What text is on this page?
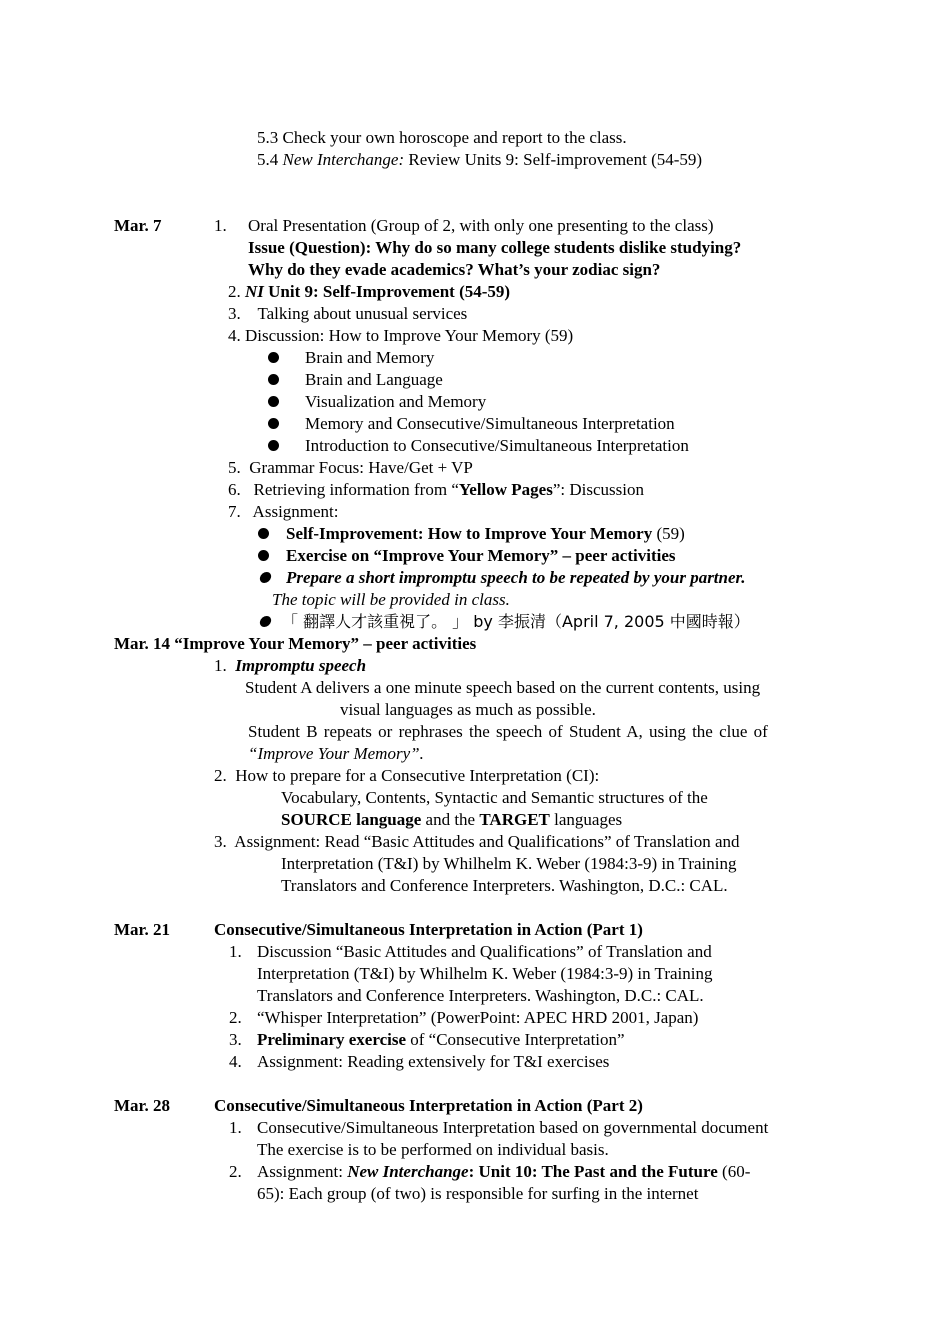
5.3 Check your own horoscope and report to the class.
5.4 New Interchange: Review Units 9: Self-improvement (54-59)
Mar. 7	1. Oral Presentation (Group of 2, with only one presenting to the class)
Issue (Question): Why do so many college students dislike studying?
Why do they evade academics? What’s your zodiac sign?
2. NI Unit 9: Self-Improvement (54-59)
3.    Talking about unusual services
4. Discussion: How to Improve Your Memory (59)
Brain and Memory
Brain and Language
Visualization and Memory
Memory and Consecutive/Simultaneous Interpretation
Introduction to Consecutive/Simultaneous Interpretation
5.  Grammar Focus: Have/Get + VP
6.   Retrieving information from “Yellow Pages”: Discussion
7.   Assignment:
Self-Improvement: How to Improve Your Memory (59)
Exercise on “Improve Your Memory” – peer activities
Prepare a short impromptu speech to be repeated by your partner.
The topic will be provided in class.
「 翻譯人才該重視了。 」 by 李振清（April 7, 2005 中國時報）
Mar. 14 “Improve Your Memory” – peer activities
1.  Impromptu speech
Student A delivers a one minute speech based on the current contents, using
visual languages as much as possible.
Student B repeats or rephrases the speech of Student A, using the clue of
“Improve Your Memory”.
2.  How to prepare for a Consecutive Interpretation (CI):
Vocabulary, Contents, Syntactic and Semantic structures of the
SOURCE language and the TARGET languages
3.  Assignment: Read “Basic Attitudes and Qualifications” of Translation and
Interpretation (T&I) by Whilhelm K. Weber (1984:3-9) in Training
Translators and Conference Interpreters. Washington, D.C.: CAL.
Mar. 21	Consecutive/Simultaneous Interpretation in Action (Part 1)
1. Discussion “Basic Attitudes and Qualifications” of Translation and
Interpretation (T&I) by Whilhelm K. Weber (1984:3-9) in Training
Translators and Conference Interpreters. Washington, D.C.: CAL.
2. “Whisper Interpretation” (PowerPoint: APEC HRD 2001, Japan)
3. Preliminary exercise of “Consecutive Interpretation”
4. Assignment: Reading extensively for T&I exercises
Mar. 28	Consecutive/Simultaneous Interpretation in Action (Part 2)
1. Consecutive/Simultaneous Interpretation based on governmental document
The exercise is to be performed on individual basis.
2. Assignment: New Interchange: Unit 10: The Past and the Future (60-
65): Each group (of two) is responsible for surfing in the internet
